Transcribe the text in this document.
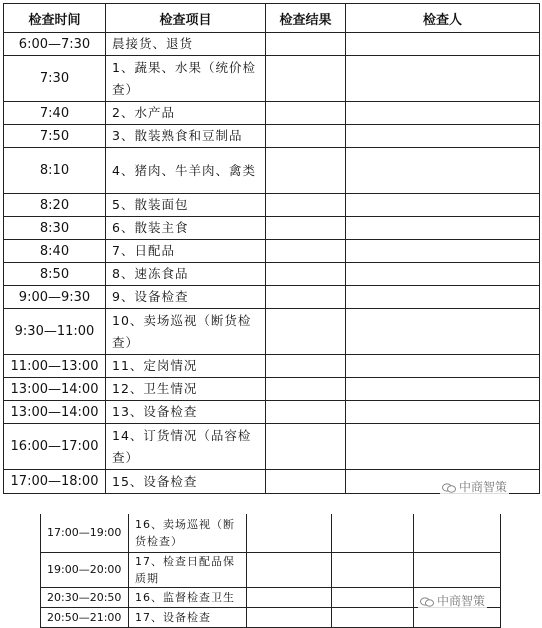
检查时间	检查项目	检查结果	检查人
6:00—7:30	晨接货、退货		
7:30	1、蔬果、水果（统价检查）		
7:40	2、水产品		
7:50	3、散装熟食和豆制品		
8:10	4、猪肉、牛羊肉、禽类		
8:20	5、散装面包		
8:30	6、散装主食		
8:40	7、日配品		
8:50	8、速冻食品		
9:00—9:30	9、设备检查		
9:30—11:00	10、卖场巡视（断货检查）		
11:00—13:00	11、定岗情况		
13:00—14:00	12、卫生情况		
13:00—14:00	13、设备检查		
16:00—17:00	14、订货情况（品容检查）		
17:00—18:00	15、设备检查			中商智策
17:00—19:00	16、卖场巡视（断货检查）			
19:00—20:00	17、检查日配品保质期			
20:30—20:50	16、监督检查卫生			
20:50—21:00	17、设备检查			
中商智策
